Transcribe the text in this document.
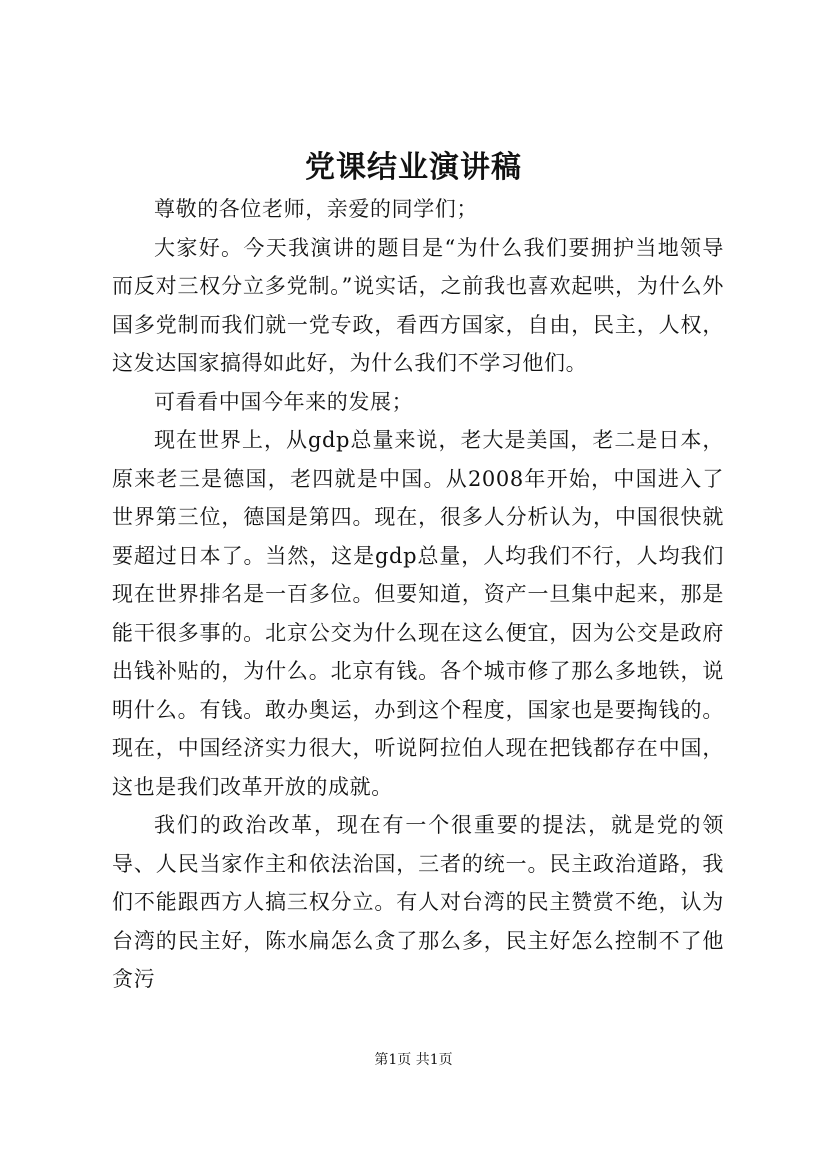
党课结业演讲稿

尊敬的各位老师，亲爱的同学们；

大家好。今天我演讲的题目是“为什么我们要拥护当地领导而反对三权分立多党制。”说实话，之前我也喜欢起哄，为什么外国多党制而我们就一党专政，看西方国家，自由，民主，人权，这发达国家搞得如此好，为什么我们不学习他们。

可看看中国今年来的发展；

现在世界上，从gdp总量来说，老大是美国，老二是日本，原来老三是德国，老四就是中国。从2008年开始，中国进入了世界第三位，德国是第四。现在，很多人分析认为，中国很快就要超过日本了。当然，这是gdp总量，人均我们不行，人均我们现在世界排名是一百多位。但要知道，资产一旦集中起来，那是能干很多事的。北京公交为什么现在这么便宜，因为公交是政府出钱补贴的，为什么。北京有钱。各个城市修了那么多地铁，说明什么。有钱。敢办奥运，办到这个程度，国家也是要掏钱的。现在，中国经济实力很大，听说阿拉伯人现在把钱都存在中国，这也是我们改革开放的成就。

我们的政治改革，现在有一个很重要的提法，就是党的领导、人民当家作主和依法治国，三者的统一。民主政治道路，我们不能跟西方人搞三权分立。有人对台湾的民主赞赏不绝，认为台湾的民主好，陈水扁怎么贪了那么多，民主好怎么控制不了他贪污

第1页 共1页
